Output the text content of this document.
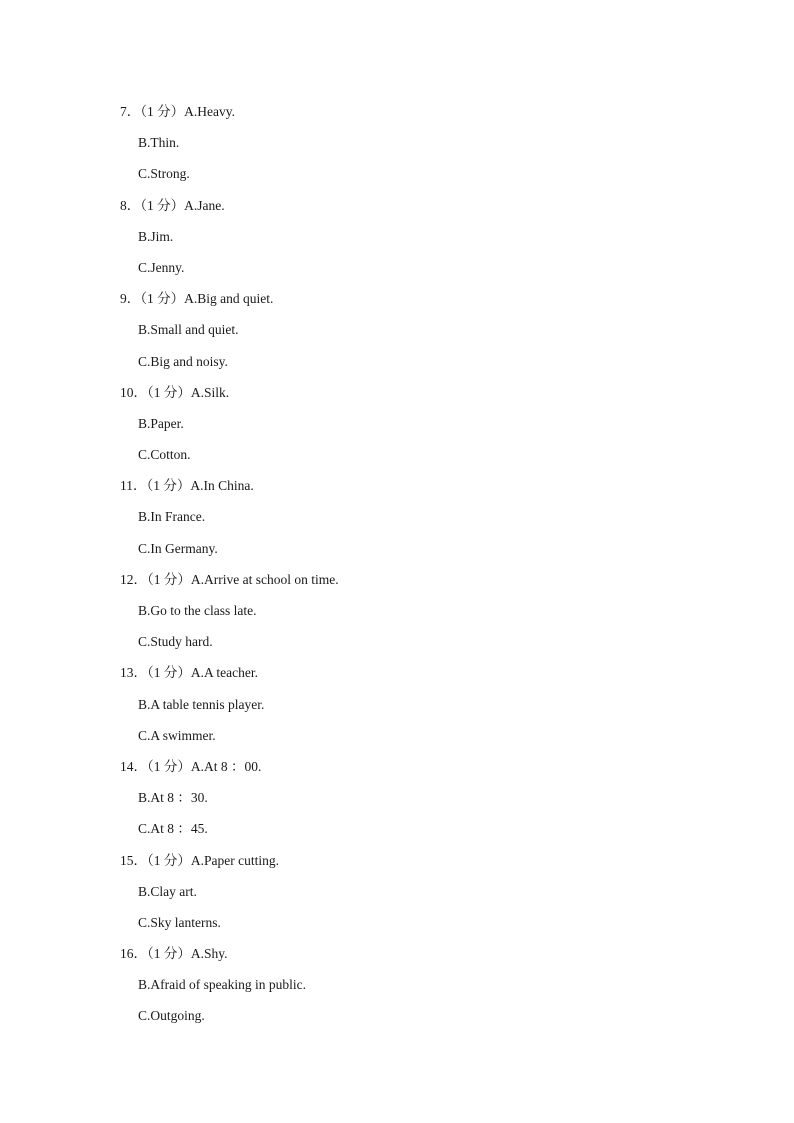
7．（1 分）A.Heavy.
B.Thin.
C.Strong.
8．（1 分）A.Jane.
B.Jim.
C.Jenny.
9．（1 分）A.Big and quiet.
B.Small and quiet.
C.Big and noisy.
10．（1 分）A.Silk.
B.Paper.
C.Cotton.
11．（1 分）A.In China.
B.In France.
C.In Germany.
12．（1 分）A.Arrive at school on time.
B.Go to the class late.
C.Study hard.
13．（1 分）A.A teacher.
B.A table tennis player.
C.A swimmer.
14．（1 分）A.At 8 ：00.
B.At 8 ：30.
C.At 8 ：45.
15．（1 分）A.Paper cutting.
B.Clay art.
C.Sky lanterns.
16．（1 分）A.Shy.
B.Afraid of speaking in public.
C.Outgoing.
